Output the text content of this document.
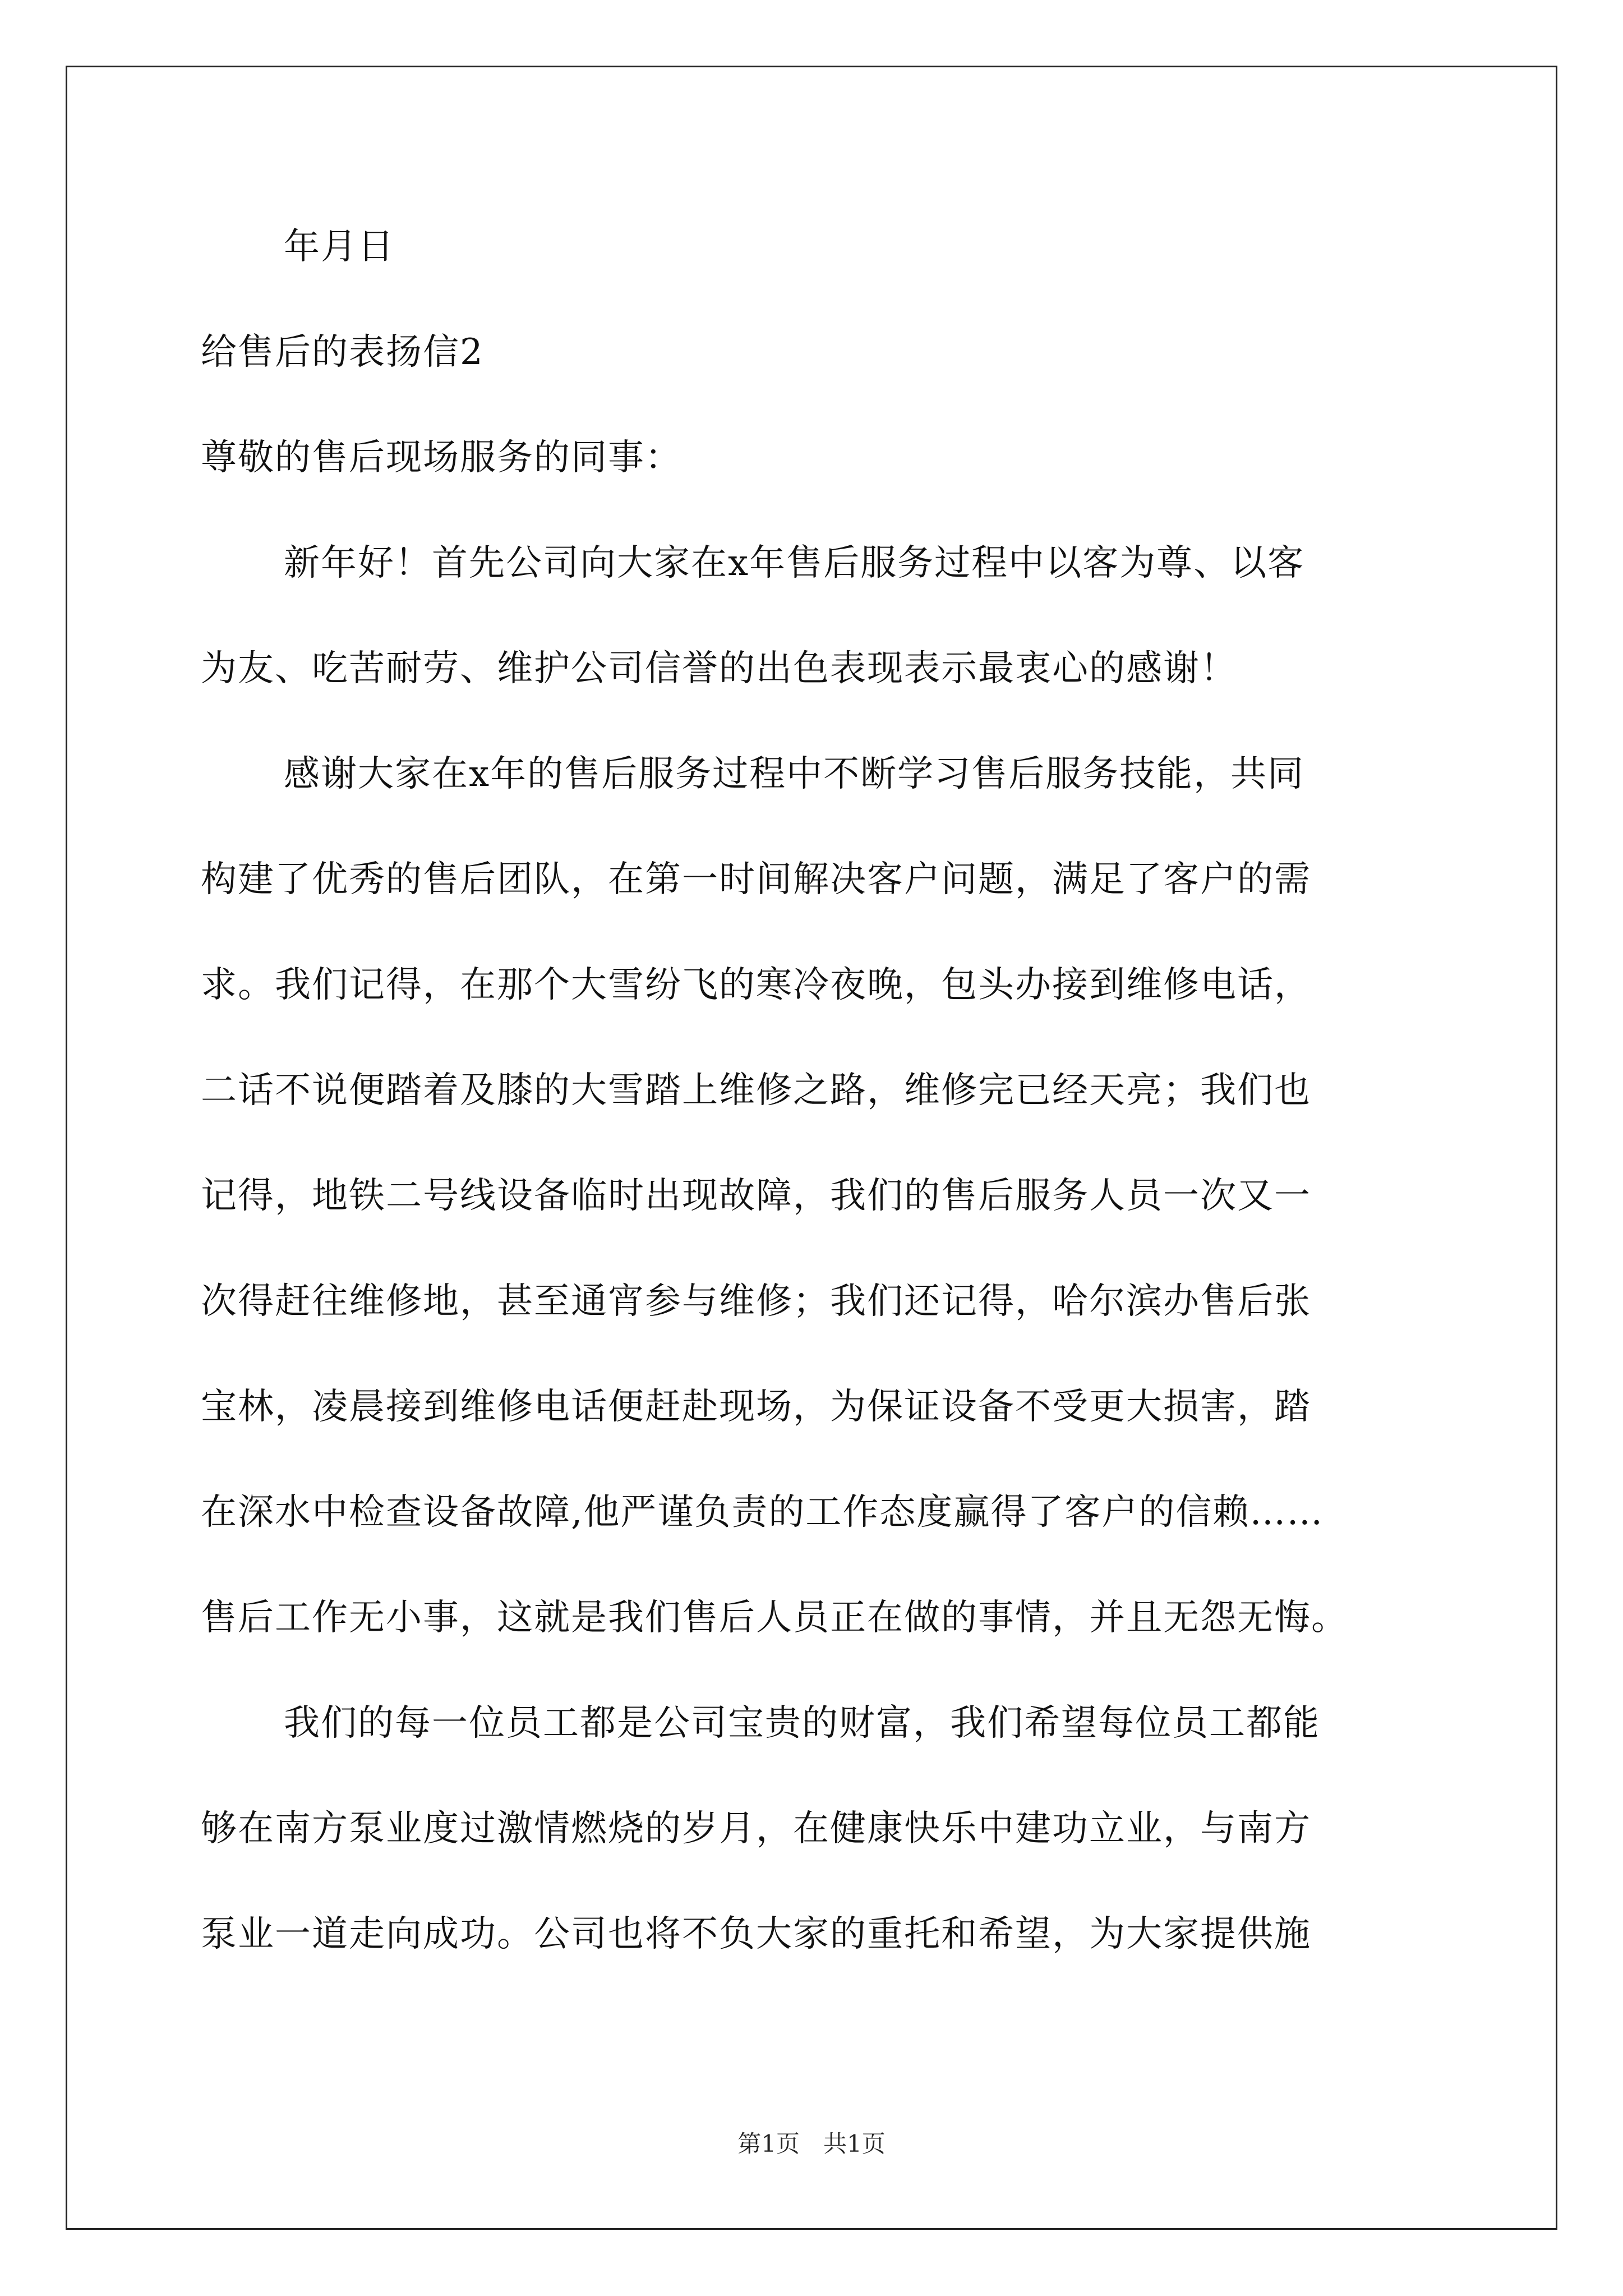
年月日
给售后的表扬信2
尊敬的售后现场服务的同事：
新年好！首先公司向大家在x年售后服务过程中以客为尊、以客
为友、吃苦耐劳、维护公司信誉的出色表现表示最衷心的感谢！
感谢大家在x年的售后服务过程中不断学习售后服务技能，共同
构建了优秀的售后团队，在第一时间解决客户问题，满足了客户的需
求。我们记得，在那个大雪纷飞的寒冷夜晚，包头办接到维修电话，
二话不说便踏着及膝的大雪踏上维修之路，维修完已经天亮；我们也
记得，地铁二号线设备临时出现故障，我们的售后服务人员一次又一
次得赶往维修地，甚至通宵参与维修；我们还记得，哈尔滨办售后张
宝林，凌晨接到维修电话便赶赴现场，为保证设备不受更大损害，踏
在深水中检查设备故障,他严谨负责的工作态度赢得了客户的信赖……
售后工作无小事，这就是我们售后人员正在做的事情，并且无怨无悔。
我们的每一位员工都是公司宝贵的财富，我们希望每位员工都能
够在南方泵业度过激情燃烧的岁月，在健康快乐中建功立业，与南方
泵业一道走向成功。公司也将不负大家的重托和希望，为大家提供施
第1页　共1页
